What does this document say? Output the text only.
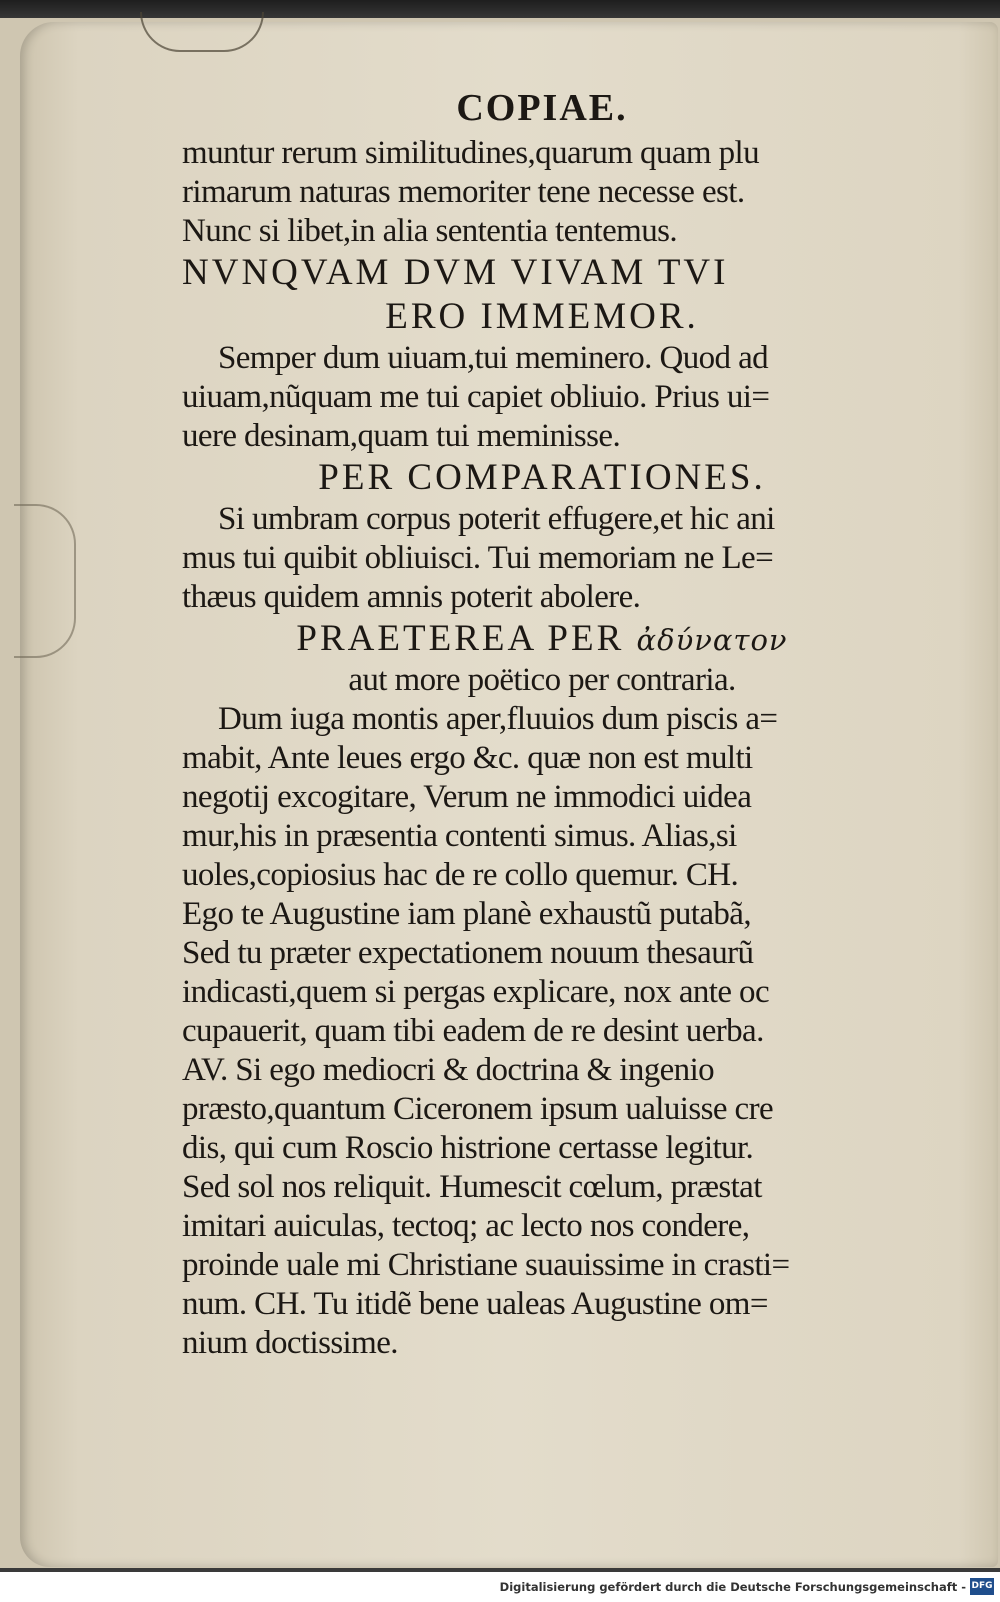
COPIAE.
muntur rerum similitudines,quarum quam plu
rimarum naturas memoriter tene necesse est.
Nunc si libet,in alia sententia tentemus.
NVNQVAM DVM VIVAM TVI
ERO IMMEMOR.
Semper dum uiuam,tui meminero. Quod ad
uiuam,nũquam me tui capiet obliuio. Prius ui=
uere desinam,quam tui meminisse.
PER COMPARATIONES.
Si umbram corpus poterit effugere,et hic ani
mus tui quibit obliuisci. Tui memoriam ne Le=
thæus quidem amnis poterit abolere.
PRAETEREA PER ἀδύνατον
aut more poëtico per contraria.
Dum iuga montis aper,fluuios dum piscis a=
mabit, Ante leues ergo &c. quæ non est multi
negotij excogitare, Verum ne immodici uidea
mur,his in præsentia contenti simus. Alias,si
uoles,copiosius hac de re collo quemur. CH.
Ego te Augustine iam planè exhaustũ putabã,
Sed tu præter expectationem nouum thesaurũ
indicasti,quem si pergas explicare, nox ante oc
cupauerit, quam tibi eadem de re desint uerba.
AV. Si ego mediocri & doctrina & ingenio
præsto,quantum Ciceronem ipsum ualuisse cre
dis, qui cum Roscio histrione certasse legitur.
Sed sol nos reliquit. Humescit cœlum, præstat
imitari auiculas, tectoq; ac lecto nos condere,
proinde uale mi Christiane suauissime in crasti=
num. CH. Tu itidẽ bene ualeas Augustine om=
nium doctissime.
Digitalisierung gefördert durch die Deutsche Forschungsgemeinschaft - DFG
